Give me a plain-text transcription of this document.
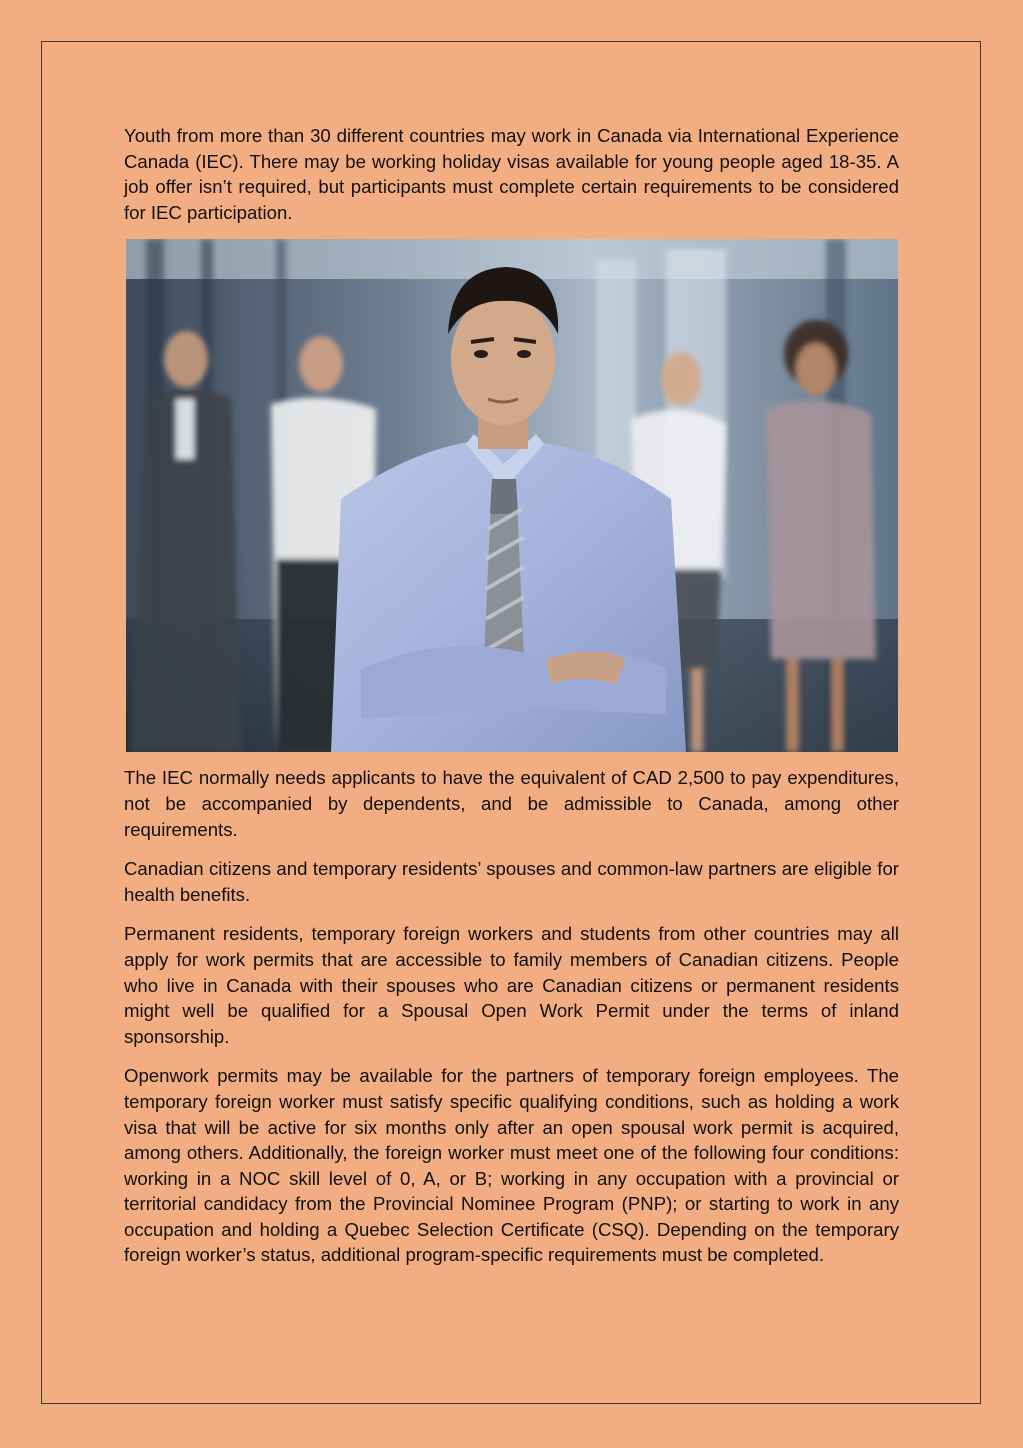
Youth from more than 30 different countries may work in Canada via International Experience Canada (IEC). There may be working holiday visas available for young people aged 18-35. A job offer isn’t required, but participants must complete certain requirements to be considered for IEC participation.

The IEC normally needs applicants to have the equivalent of CAD 2,500 to pay expenditures, not be accompanied by dependents, and be admissible to Canada, among other requirements.

Canadian citizens and temporary residents’ spouses and common-law partners are eligible for health benefits.

Permanent residents, temporary foreign workers and students from other countries may all apply for work permits that are accessible to family members of Canadian citizens. People who live in Canada with their spouses who are Canadian citizens or permanent residents might well be qualified for a Spousal Open Work Permit under the terms of inland sponsorship.

Openwork permits may be available for the partners of temporary foreign employees. The temporary foreign worker must satisfy specific qualifying conditions, such as holding a work visa that will be active for six months only after an open spousal work permit is acquired, among others. Additionally, the foreign worker must meet one of the following four conditions: working in a NOC skill level of 0, A, or B; working in any occupation with a provincial or territorial candidacy from the Provincial Nominee Program (PNP); or starting to work in any occupation and holding a Quebec Selection Certificate (CSQ). Depending on the temporary foreign worker’s status, additional program-specific requirements must be completed.
